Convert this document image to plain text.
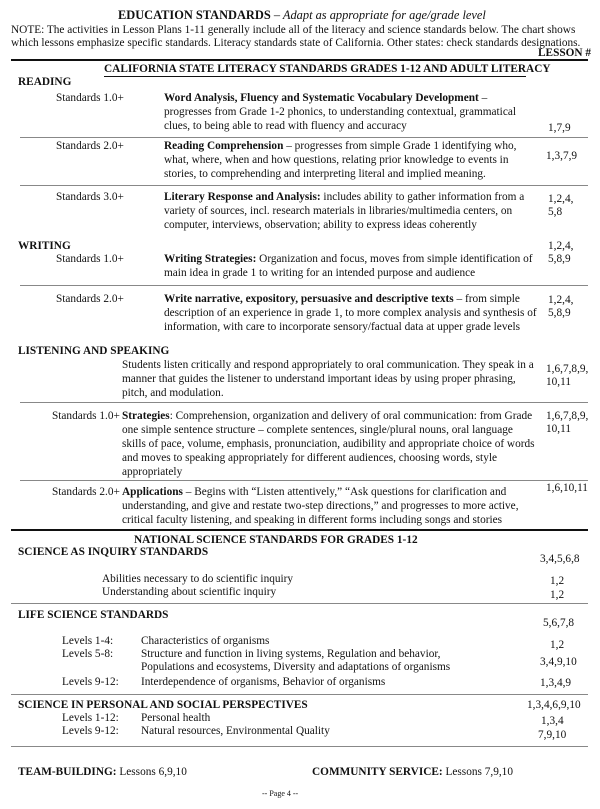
EDUCATION STANDARDS – Adapt as appropriate for age/grade level
NOTE: The activities in Lesson Plans 1-11 generally include all of the literacy and science standards below. The chart shows
which lessons emphasize specific standards. Literacy standards state of California. Other states: check standards designations.
LESSON #
CALIFORNIA STATE LITERACY STANDARDS GRADES 1-12 AND ADULT LITERACY
READING
Standards 1.0+	Word Analysis, Fluency and Systematic Vocabulary Development –
progresses from Grade 1-2 phonics, to understanding contextual, grammatical
clues, to being able to read with fluency and accuracy	1,7,9
Standards 2.0+	Reading Comprehension – progresses from simple Grade 1 identifying who,
what, where, when and how questions, relating prior knowledge to events in
stories, to comprehending and interpreting literal and implied meaning.
1,3,7,9
Standards 3.0+	Literary Response and Analysis: includes ability to gather information from a
variety of sources, incl. research materials in libraries/multimedia centers, on
computer, interviews, observation; ability to express ideas coherently
1,2,4,
5,8
WRITING
Standards 1.0+	Writing Strategies: Organization and focus, moves from simple identification of
main idea in grade 1 to writing for an intended purpose and audience
1,2,4,
5,8,9
Standards 2.0+	Write narrative, expository, persuasive and descriptive texts – from simple
description of an experience in grade 1, to more complex analysis and synthesis of
information, with care to incorporate sensory/factual data at upper grade levels
1,2,4,
5,8,9
LISTENING AND SPEAKING
Students listen critically and respond appropriately to oral communication. They speak in a
manner that guides the listener to understand important ideas by using proper phrasing,
pitch, and modulation.
1,6,7,8,9,
10,11
Standards 1.0+ Strategies: Comprehension, organization and delivery of oral communication: from Grade
one simple sentence structure – complete sentences, single/plural nouns, oral language
skills of pace, volume, emphasis, pronunciation, audibility and appropriate choice of words
and moves to speaking appropriately for different audiences, choosing words, style
appropriately
1,6,7,8,9,
10,11
Standards 2.0+ Applications – Begins with “Listen attentively,” “Ask questions for clarification and
understanding, and give and restate two-step directions,” and progresses to more active,
critical faculty listening, and speaking in different forms including songs and stories
1,6,10,11
NATIONAL SCIENCE STANDARDS FOR GRADES 1-12
SCIENCE AS INQUIRY STANDARDS
3,4,5,6,8
Abilities necessary to do scientific inquiry	1,2
Understanding about scientific inquiry	1,2
LIFE SCIENCE STANDARDS
5,6,7,8
Levels 1-4: Characteristics of organisms	1,2
Levels 5-8: Structure and function in living systems, Regulation and behavior,
Populations and ecosystems, Diversity and adaptations of organisms	3,4,9,10
Levels 9-12: Interdependence of organisms, Behavior of organisms	1,3,4,9
SCIENCE IN PERSONAL AND SOCIAL PERSPECTIVES	1,3,4,6,9,10
Levels 1-12: Personal health	1,3,4
Levels 9-12: Natural resources, Environmental Quality	7,9,10
TEAM-BUILDING: Lessons 6,9,10	COMMUNITY SERVICE: Lessons 7,9,10
-- Page 4 --
